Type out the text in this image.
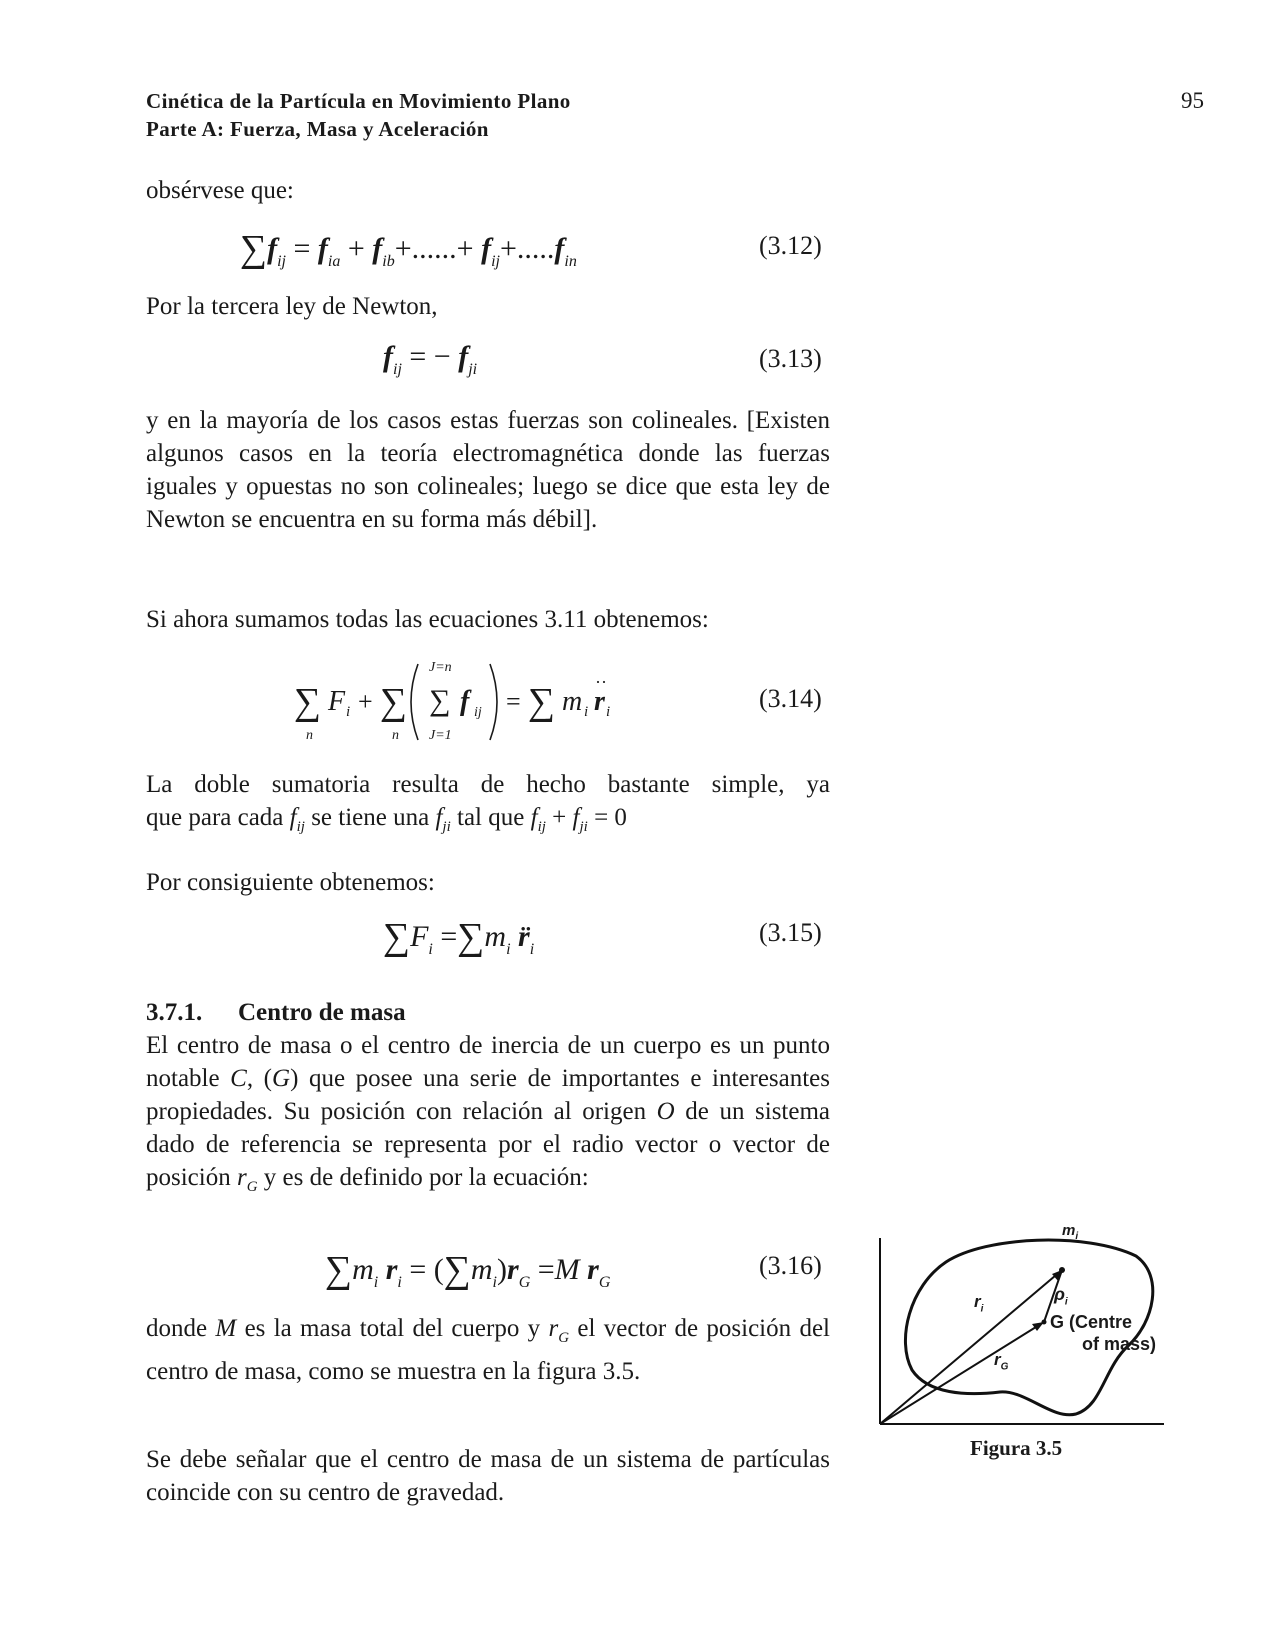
Cinética de la Partícula en Movimiento Plano
Parte A: Fuerza, Masa y Aceleración
95
obsérvese que:
$\sum f_{ij} = f_{ia} + f_{ib}+......+ f_{ij}+.....f_{in}$
(3.12)
Por la tercera ley de Newton,
$f_{ij}$ = − $f_{ji}$	(3.13)
y en la mayoría de los casos estas fuerzas son colineales. [Existen algunos casos en la teoría electromagnética donde las fuerzas iguales y opuestas no son colineales; luego se dice que esta ley de Newton se encuentra en su forma más débil].
Si ahora sumamos todas las ecuaciones 3.11 obtenemos:
∑ F i + ∑ ∑ f ij = ∑ m i r
··
i
J=n
J=1
n	n
(3.14)
La doble sumatoria resulta de hecho bastante simple, ya
que para cada $f_{ij}$ se tiene una $f_{ji}$ tal que $f_{ij} + f_{ji} = 0$
Por consiguiente obtenemos:
$\sum F_i =\sum m_i$ $r̈_i$
(3.15)
3.7.1. Centro de masa
El centro de masa o el centro de inercia de un cuerpo es un punto notable C, (G) que posee una serie de importantes e interesantes propiedades. Su posición con relación al origen O de un sistema dado de referencia se representa por el radio vector o vector de posición $r_G$ y es de definido por la ecuación:
$\sum m_i$ $r_i = (\sum m_i)r_G =M$ $r_G$
(3.16)
donde M es la masa total del cuerpo y $r_G$ el vector de posición del centro de masa, como se muestra en la figura 3.5.
Se debe señalar que el centro de masa de un sistema de partículas coincide con su centro de gravedad.
$m_i$
$r_i$
$\rho_i$
$r_G$
G (Centre
of mass)
Figura 3.5
